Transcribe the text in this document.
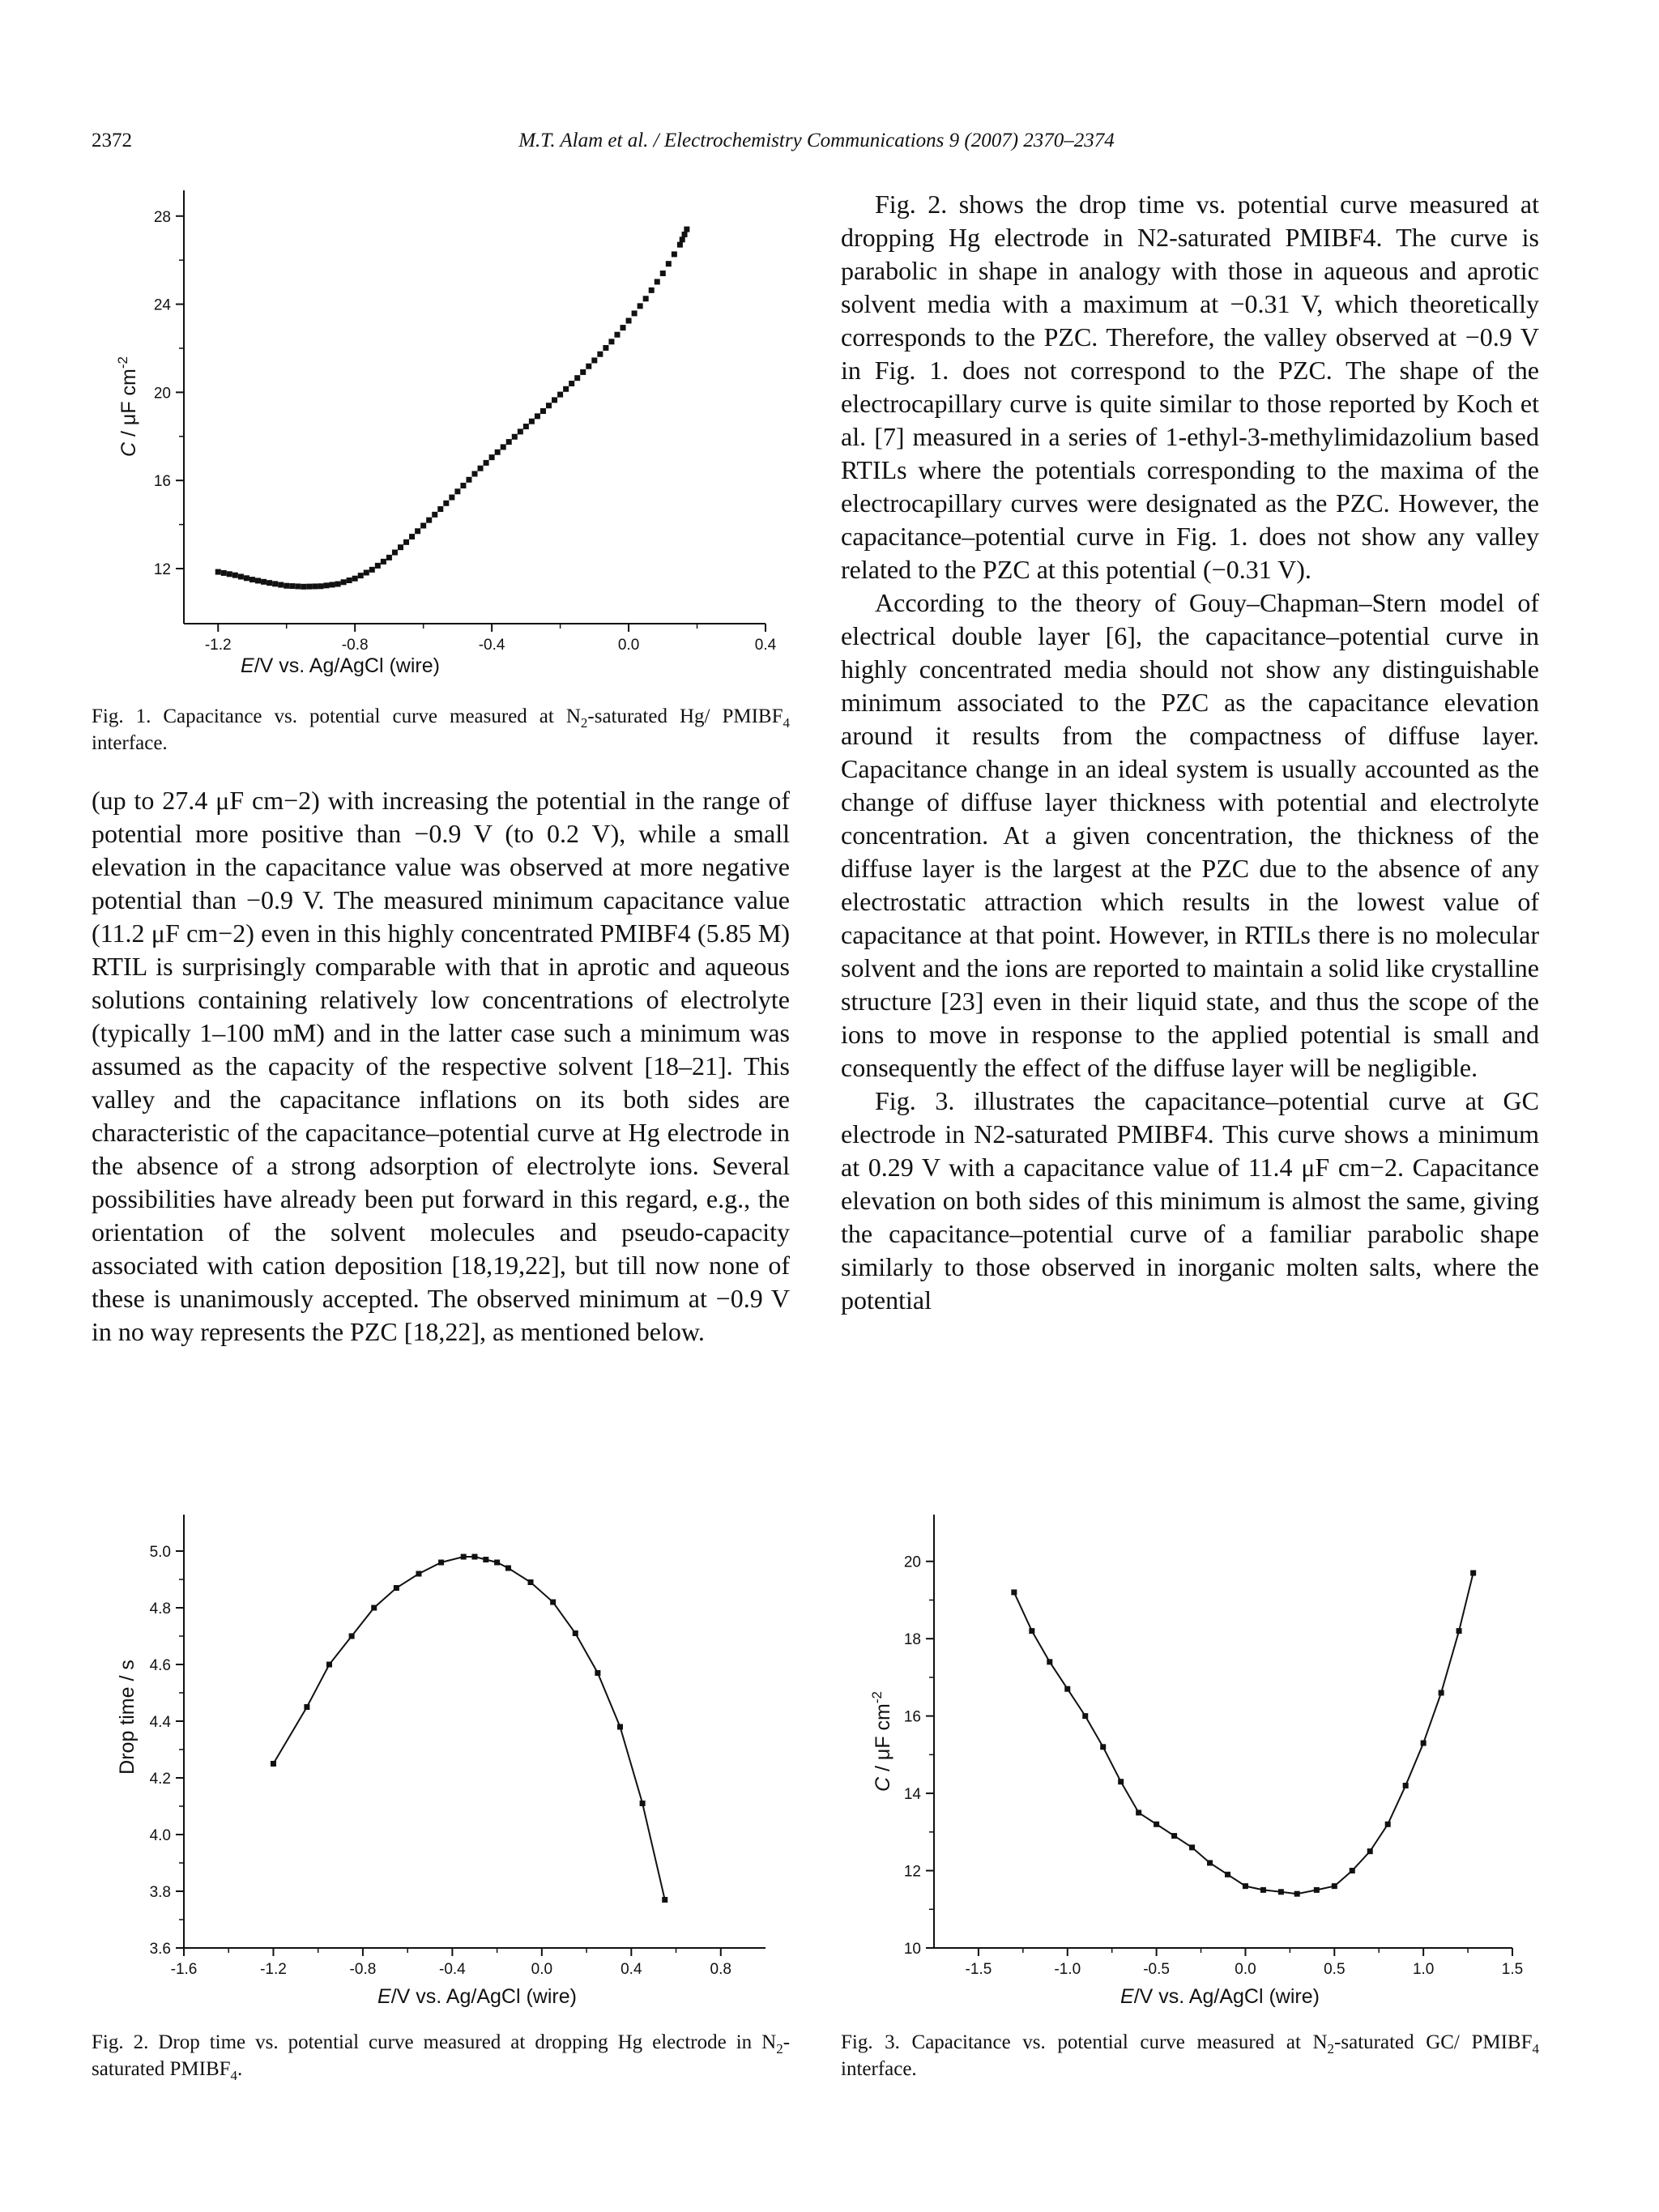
2372	M.T. Alam et al. / Electrochemistry Communications 9 (2007) 2370–2374
E/V vs. Ag/AgCl (wire)
C / μF $cm^{-2}$
-1.2	-0.8	-0.4	0.0	0.4
12
16
20
24
28
Fig. 1. Capacitance vs. potential curve measured at $N_2$-saturated Hg/ $PMIBF_4$ interface.

(up to 27.4 μF cm−2) with increasing the potential in the range of potential more positive than −0.9 V (to 0.2 V), while a small elevation in the capacitance value was observed at more negative potential than −0.9 V. The measured minimum capacitance value (11.2 μF cm−2) even in this highly concentrated PMIBF4 (5.85 M) RTIL is surprisingly comparable with that in aprotic and aqueous solutions containing relatively low concentrations of electrolyte (typically 1–100 mM) and in the latter case such a minimum was assumed as the capacity of the respective solvent [18–21]. This valley and the capacitance inflations on its both sides are characteristic of the capacitance–potential curve at Hg electrode in the absence of a strong adsorption of electrolyte ions. Several possibilities have already been put forward in this regard, e.g., the orientation of the solvent molecules and pseudo-capacity associated with cation deposition [18,19,22], but till now none of these is unanimously accepted. The observed minimum at −0.9 V in no way represents the PZC [18,22], as mentioned below.

Fig. 2. shows the drop time vs. potential curve measured at dropping Hg electrode in N2-saturated PMIBF4. The curve is parabolic in shape in analogy with those in aqueous and aprotic solvent media with a maximum at −0.31 V, which theoretically corresponds to the PZC. Therefore, the valley observed at −0.9 V in Fig. 1. does not correspond to the PZC. The shape of the electrocapillary curve is quite similar to those reported by Koch et al. [7] measured in a series of 1-ethyl-3-methylimidazolium based RTILs where the potentials corresponding to the maxima of the electrocapillary curves were designated as the PZC. However, the capacitance–potential curve in Fig. 1. does not show any valley related to the PZC at this potential (−0.31 V).

According to the theory of Gouy–Chapman–Stern model of electrical double layer [6], the capacitance–potential curve in highly concentrated media should not show any distinguishable minimum associated to the PZC as the capacitance elevation around it results from the compactness of diffuse layer. Capacitance change in an ideal system is usually accounted as the change of diffuse layer thickness with potential and electrolyte concentration. At a given concentration, the thickness of the diffuse layer is the largest at the PZC due to the absence of any electrostatic attraction which results in the lowest value of capacitance at that point. However, in RTILs there is no molecular solvent and the ions are reported to maintain a solid like crystalline structure [23] even in their liquid state, and thus the scope of the ions to move in response to the applied potential is small and consequently the effect of the diffuse layer will be negligible.

Fig. 3. illustrates the capacitance–potential curve at GC electrode in N2-saturated PMIBF4. This curve shows a minimum at 0.29 V with a capacitance value of 11.4 μF cm−2. Capacitance elevation on both sides of this minimum is almost the same, giving the capacitance–potential curve of a familiar parabolic shape similarly to those observed in inorganic molten salts, where the potential

E/V vs. Ag/AgCl (wire)
Drop time / s
-1.6	-1.2	-0.8	-0.4	0.0	0.4	0.8
3.6
3.8
4.0
4.2
4.4
4.6
4.8
5.0
Fig. 2. Drop time vs. potential curve measured at dropping Hg electrode in $N_2$-saturated $PMIBF_4$.
E/V vs. Ag/AgCl (wire)
C / μF $cm^{-2}$
-1.5	-1.0	-0.5	0.0	0.5	1.0	1.5
10
12
14
16
18
20
Fig. 3. Capacitance vs. potential curve measured at $N_2$-saturated GC/ $PMIBF_4$ interface.
